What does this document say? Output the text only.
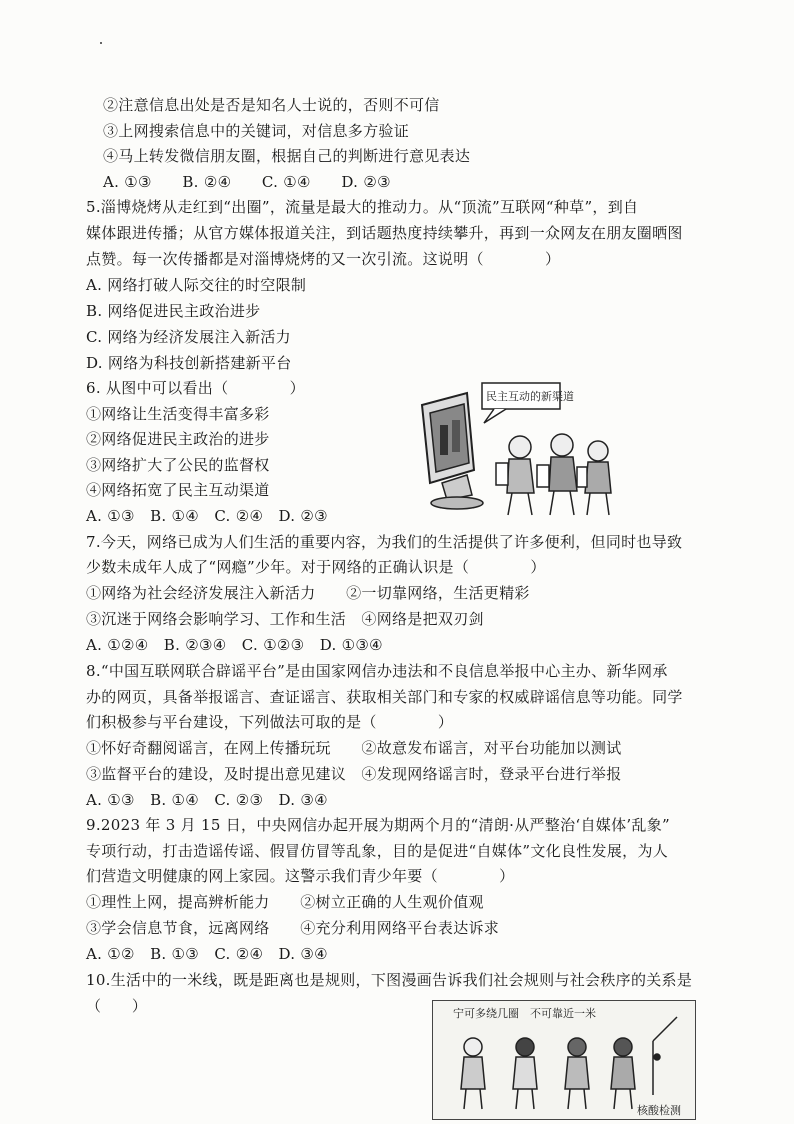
②注意信息出处是否是知名人士说的，否则不可信
③上网搜索信息中的关键词，对信息多方验证
④马上转发微信朋友圈，根据自己的判断进行意见表达
A. ①③　　B. ②④　　C. ①④　　D. ②③
5.淄博烧烤从走红到“出圈”，流量是最大的推动力。从“顶流”互联网“种草”，到自
媒体跟进传播；从官方媒体报道关注，到话题热度持续攀升，再到一众网友在朋友圈晒图
点赞。每一次传播都是对淄博烧烤的又一次引流。这说明（　　　　）
A. 网络打破人际交往的时空限制
B. 网络促进民主政治进步
C. 网络为经济发展注入新活力
D. 网络为科技创新搭建新平台
6. 从图中可以看出（　　　　）
①网络让生活变得丰富多彩
②网络促进民主政治的进步
③网络扩大了公民的监督权
④网络拓宽了民主互动渠道
A. ①③　B. ①④　C. ②④　D. ②③
7.今天，网络已成为人们生活的重要内容，为我们的生活提供了许多便利，但同时也导致
少数未成年人成了“网瘾”少年。对于网络的正确认识是（　　　　）
①网络为社会经济发展注入新活力　　②一切靠网络，生活更精彩
③沉迷于网络会影响学习、工作和生活　④网络是把双刃剑
A. ①②④　B. ②③④　C. ①②③　D. ①③④
8.“中国互联网联合辟谣平台”是由国家网信办违法和不良信息举报中心主办、新华网承
办的网页，具备举报谣言、查证谣言、获取相关部门和专家的权威辟谣信息等功能。同学
们积极参与平台建设，下列做法可取的是（　　　　）
①怀好奇翻阅谣言，在网上传播玩玩　　②故意发布谣言，对平台功能加以测试
③监督平台的建设，及时提出意见建议　④发现网络谣言时，登录平台进行举报
A. ①③　B. ①④　C. ②③　D. ③④
9.2023 年 3 月 15 日，中央网信办起开展为期两个月的“清朗·从严整治‘自媒体’乱象”
专项行动，打击造谣传谣、假冒仿冒等乱象，目的是促进“自媒体”文化良性发展，为人
们营造文明健康的网上家园。这警示我们青少年要（　　　　）
①理性上网，提高辨析能力　　②树立正确的人生观价值观
③学会信息节食，远离网络　　④充分利用网络平台表达诉求
A. ①②　B. ①③　C. ②④　D. ③④
10.生活中的一米线，既是距离也是规则，下图漫画告诉我们社会规则与社会秩序的关系是
（　　）
民主互动的新渠道
宁可多绕几圈　不可靠近一米
核酸检测
